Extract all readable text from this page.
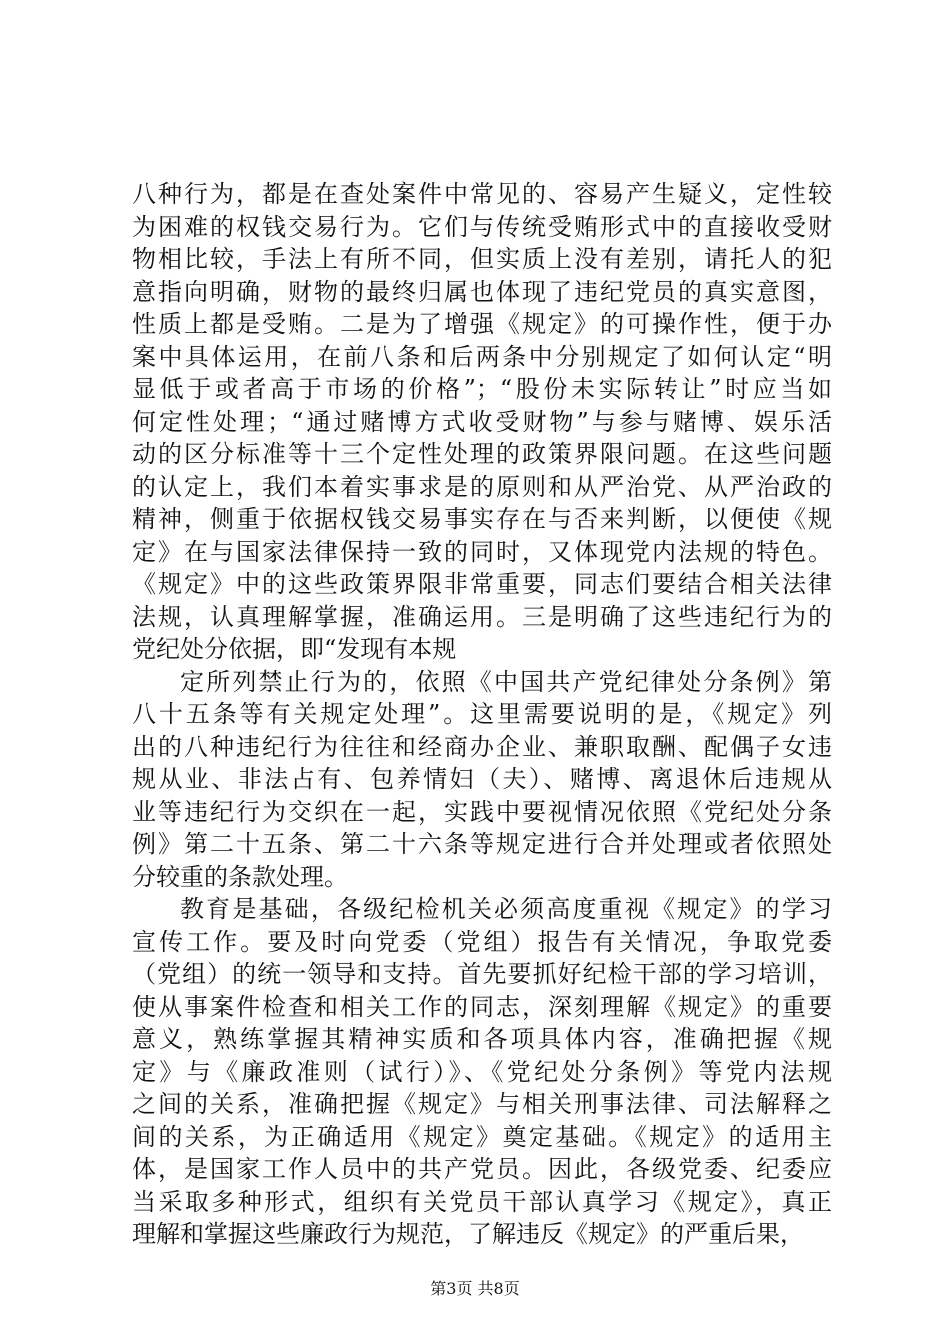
八种行为，都是在查处案件中常见的、容易产生疑义，定性较
为困难的权钱交易行为。它们与传统受贿形式中的直接收受财
物相比较，手法上有所不同，但实质上没有差别，请托人的犯
意指向明确，财物的最终归属也体现了违纪党员的真实意图，
性质上都是受贿。二是为了增强《规定》的可操作性，便于办
案中具体运用，在前八条和后两条中分别规定了如何认定“明
显低于或者高于市场的价格”；“股份未实际转让”时应当如
何定性处理；“通过赌博方式收受财物”与参与赌博、娱乐活
动的区分标准等十三个定性处理的政策界限问题。在这些问题
的认定上，我们本着实事求是的原则和从严治党、从严治政的
精神，侧重于依据权钱交易事实存在与否来判断，以便使《规
定》在与国家法律保持一致的同时，又体现党内法规的特色。
《规定》中的这些政策界限非常重要，同志们要结合相关法律
法规，认真理解掌握，准确运用。三是明确了这些违纪行为的
党纪处分依据，即“发现有本规
定所列禁止行为的，依照《中国共产党纪律处分条例》第
八十五条等有关规定处理”。这里需要说明的是，《规定》列
出的八种违纪行为往往和经商办企业、兼职取酬、配偶子女违
规从业、非法占有、包养情妇（夫）、赌博、离退休后违规从
业等违纪行为交织在一起，实践中要视情况依照《党纪处分条
例》第二十五条、第二十六条等规定进行合并处理或者依照处
分较重的条款处理。
教育是基础，各级纪检机关必须高度重视《规定》的学习
宣传工作。要及时向党委（党组）报告有关情况，争取党委
（党组）的统一领导和支持。首先要抓好纪检干部的学习培训，
使从事案件检查和相关工作的同志，深刻理解《规定》的重要
意义，熟练掌握其精神实质和各项具体内容，准确把握《规
定》与《廉政准则（试行）》、《党纪处分条例》等党内法规
之间的关系，准确把握《规定》与相关刑事法律、司法解释之
间的关系，为正确适用《规定》奠定基础。《规定》的适用主
体，是国家工作人员中的共产党员。因此，各级党委、纪委应
当采取多种形式，组织有关党员干部认真学习《规定》，真正
理解和掌握这些廉政行为规范，了解违反《规定》的严重后果，
第3页 共8页
